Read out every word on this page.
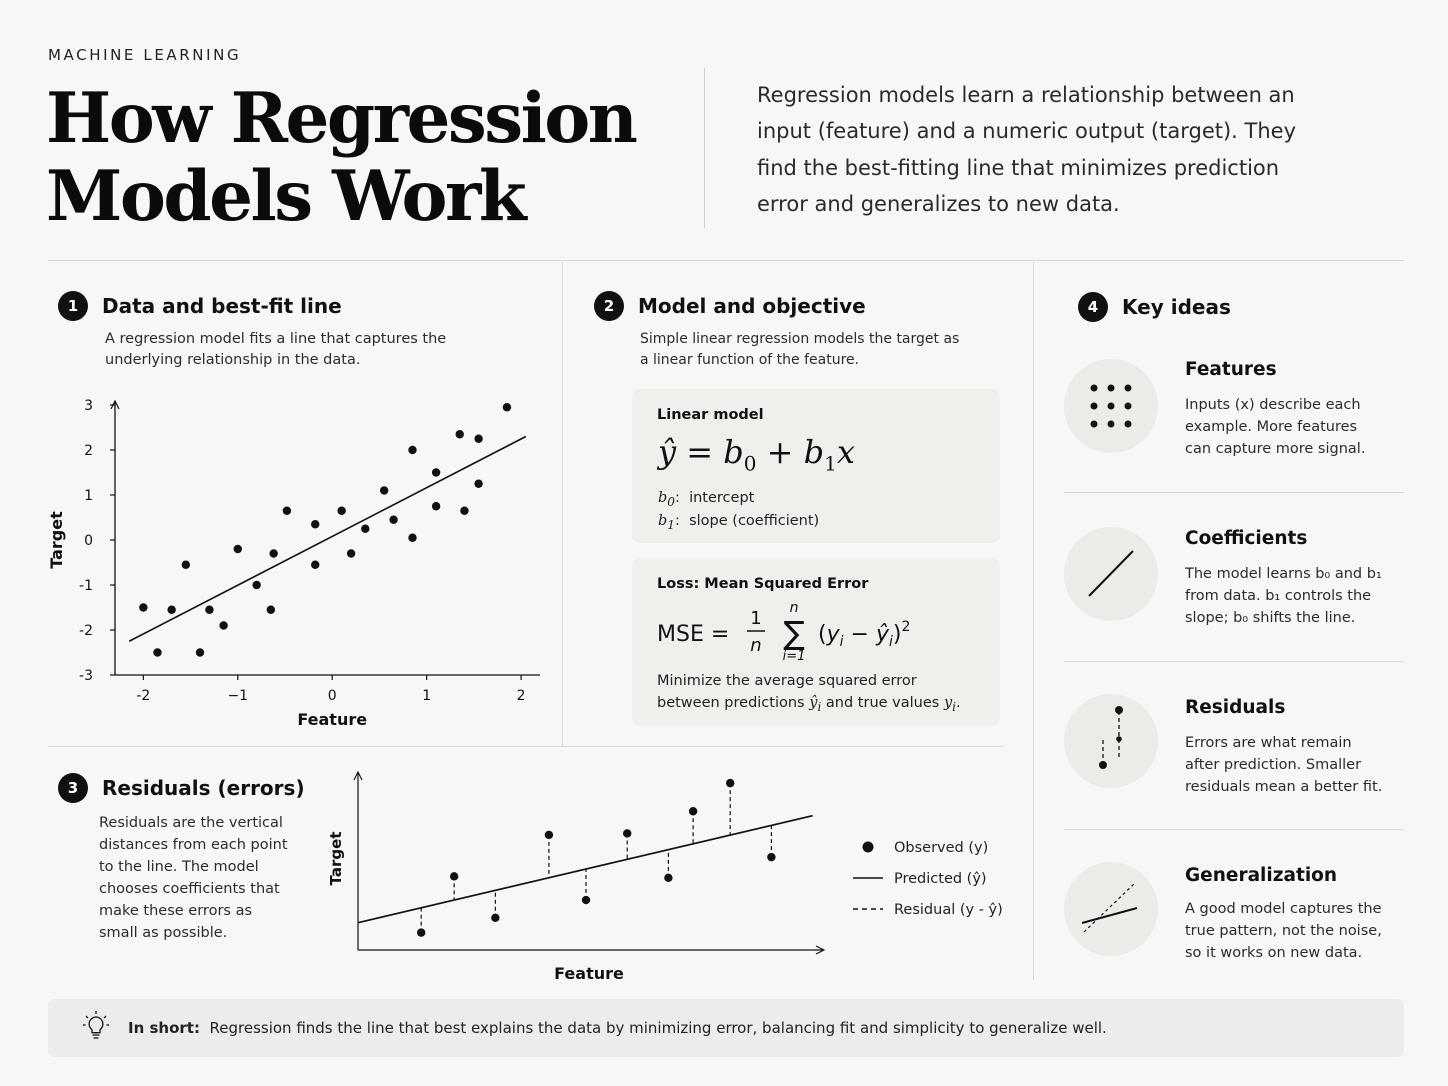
MACHINE LEARNING
How Regression
Models Work
Regression models learn a relationship between an input (feature) and a numeric output (target). They find the best-fitting line that minimizes prediction error and generalizes to new data.
1	Data and best-fit line
A regression model fits a line that captures the underlying relationship in the data.
-2	−1	0	1	2
-3
-2
-1
0
1
2
3
Feature
Target
2	Model and objective
Simple linear regression models the target as a linear function of the feature.
Linear model
ŷ = $b_0 + b_1x$
$b_0$:  intercept
$b_1$:  slope (coefficient)
Loss: Mean Squared Error
MSE =
1
n
n
∑
i=1
($y_i$ − $ŷ_i)^2$
Minimize the average squared error
between predictions $ŷ_i$ and true values $y_i$.
3	Residuals (errors)
Residuals are the vertical distances from each point to the line. The model chooses coefficients that make these errors as small as possible.
Feature
Target	Observed (y)
Predicted (ŷ)
Residual (y - ŷ)
4	Key ideas
Features
Inputs (x) describe each example. More features can capture more signal.
Coefficients
The model learns b₀ and b₁ from data. b₁ controls the slope; b₀ shifts the line.
Residuals
Errors are what remain after prediction. Smaller residuals mean a better fit.
Generalization
A good model captures the true pattern, not the noise, so it works on new data.
In short: Regression finds the line that best explains the data by minimizing error, balancing fit and simplicity to generalize well.
